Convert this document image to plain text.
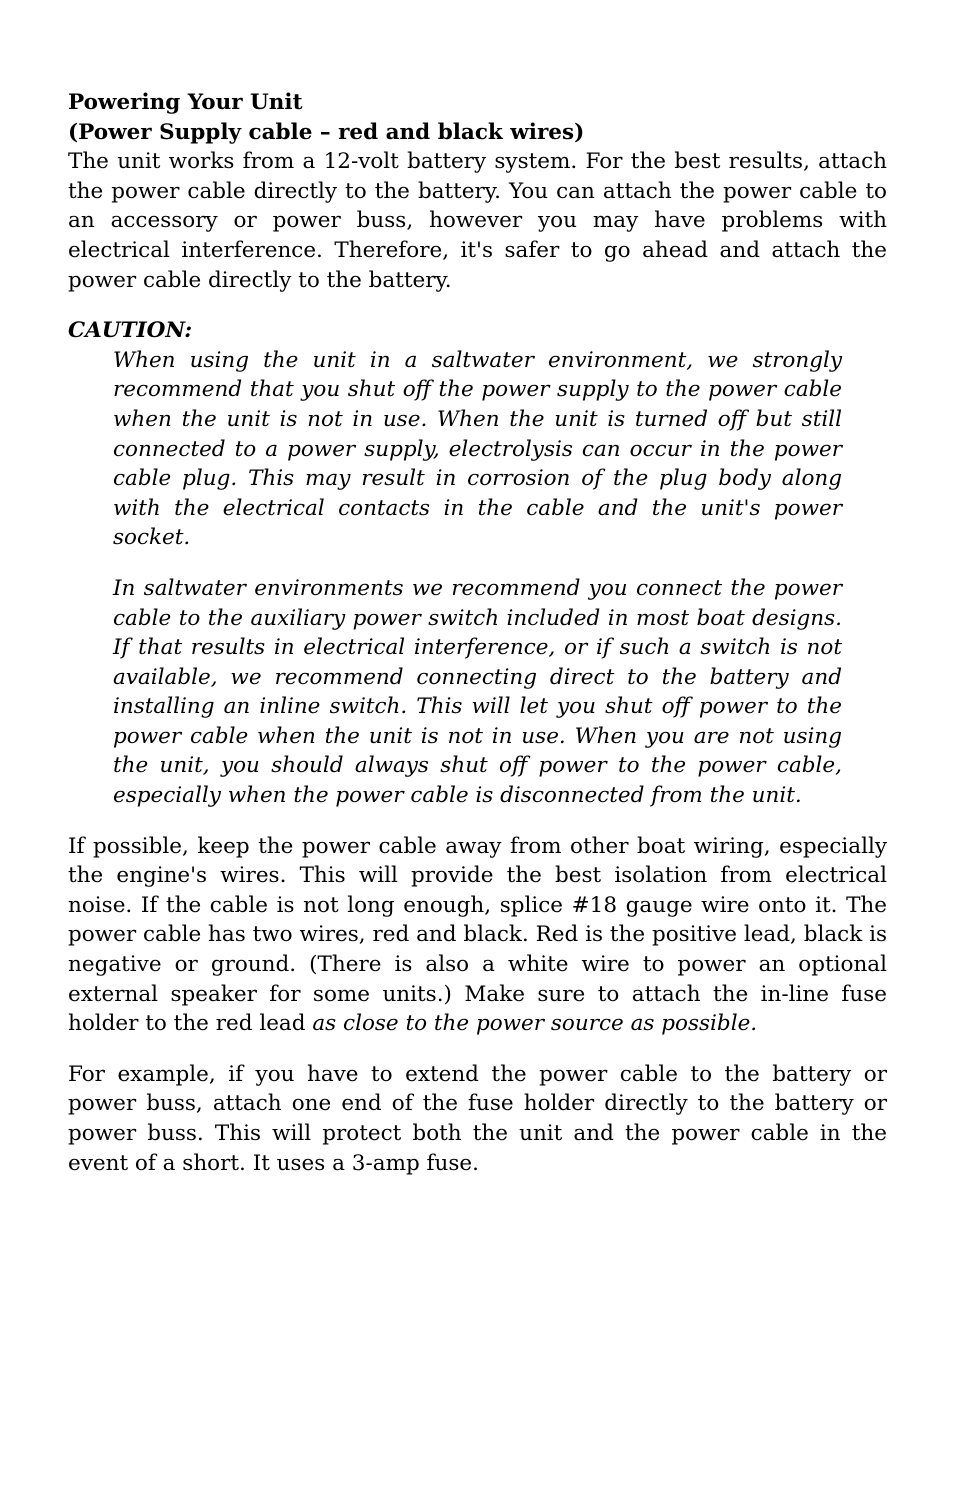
Powering Your Unit

(Power Supply cable – red and black wires)

The unit works from a 12-volt battery system. For the best results, attach the power cable directly to the battery. You can attach the power cable to an accessory or power buss, however you may have problems with electrical interference. Therefore, it's safer to go ahead and attach the power cable directly to the battery.

CAUTION:

When using the unit in a saltwater environment, we strongly recommend that you shut off the power supply to the power cable when the unit is not in use. When the unit is turned off but still connected to a power supply, electrolysis can occur in the power cable plug. This may result in corrosion of the plug body along with the electrical contacts in the cable and the unit's power socket.

In saltwater environments we recommend you connect the power cable to the auxiliary power switch included in most boat designs. If that results in electrical interference, or if such a switch is not available, we recommend connecting direct to the battery and installing an inline switch. This will let you shut off power to the power cable when the unit is not in use. When you are not using the unit, you should always shut off power to the power cable, especially when the power cable is disconnected from the unit.

If possible, keep the power cable away from other boat wiring, especially the engine's wires. This will provide the best isolation from electrical noise. If the cable is not long enough, splice #18 gauge wire onto it. The power cable has two wires, red and black. Red is the positive lead, black is negative or ground. (There is also a white wire to power an optional external speaker for some units.) Make sure to attach the in-line fuse holder to the red lead as close to the power source as possible.

For example, if you have to extend the power cable to the battery or power buss, attach one end of the fuse holder directly to the battery or power buss. This will protect both the unit and the power cable in the event of a short. It uses a 3-amp fuse.
